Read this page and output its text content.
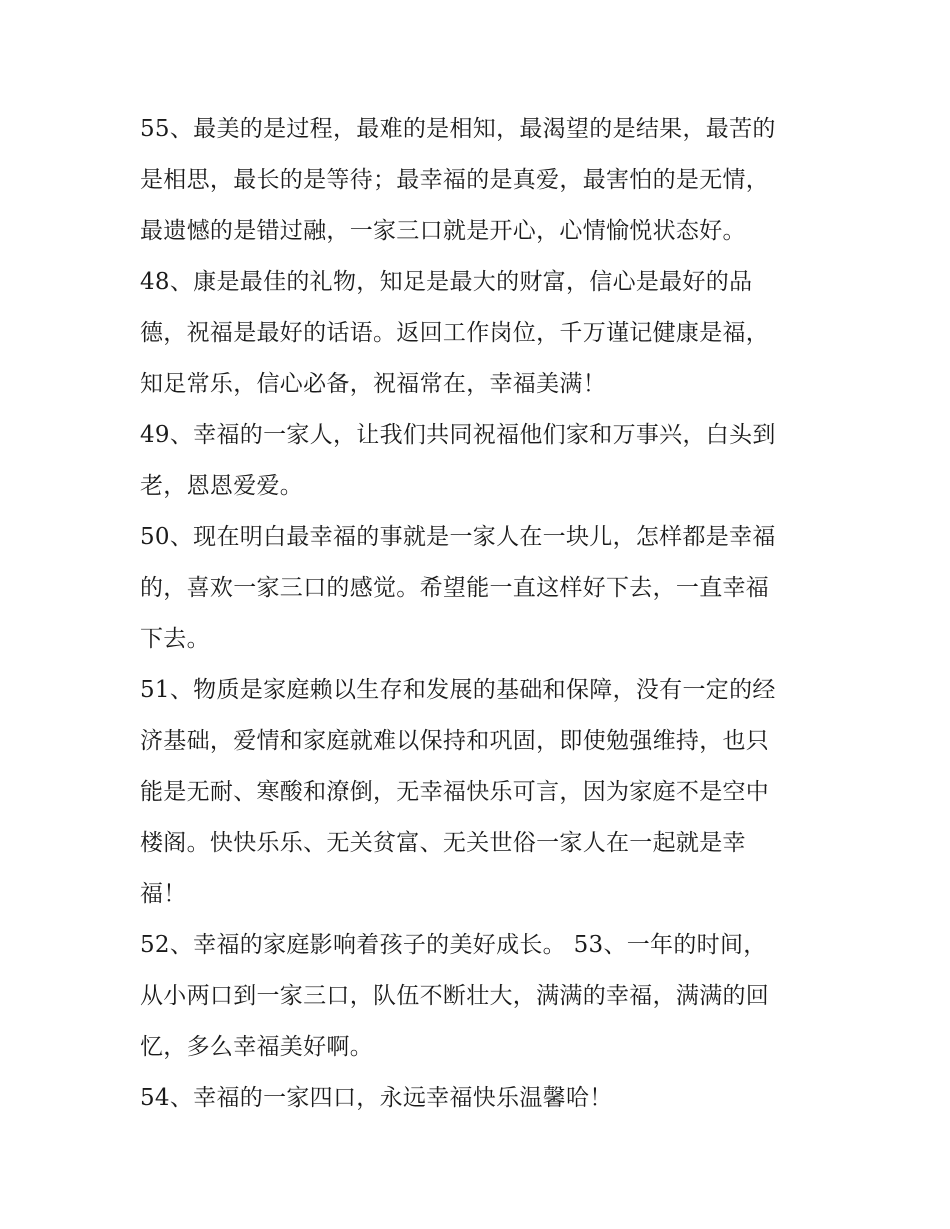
55、最美的是过程，最难的是相知，最渴望的是结果，最苦的
是相思，最长的是等待；最幸福的是真爱，最害怕的是无情，
最遗憾的是错过融，一家三口就是开心，心情愉悦状态好。

48、康是最佳的礼物，知足是最大的财富，信心是最好的品
德，祝福是最好的话语。返回工作岗位，千万谨记健康是福，
知足常乐，信心必备，祝福常在，幸福美满！

49、幸福的一家人，让我们共同祝福他们家和万事兴，白头到
老，恩恩爱爱。

50、现在明白最幸福的事就是一家人在一块儿，怎样都是幸福
的，喜欢一家三口的感觉。希望能一直这样好下去，一直幸福
下去。

51、物质是家庭赖以生存和发展的基础和保障，没有一定的经
济基础，爱情和家庭就难以保持和巩固，即使勉强维持，也只
能是无耐、寒酸和潦倒，无幸福快乐可言，因为家庭不是空中
楼阁。快快乐乐、无关贫富、无关世俗一家人在一起就是幸
福！

52、幸福的家庭影响着孩子的美好成长。 53、一年的时间，
从小两口到一家三口，队伍不断壮大，满满的幸福，满满的回
忆，多么幸福美好啊。

54、幸福的一家四口，永远幸福快乐温馨哈！
